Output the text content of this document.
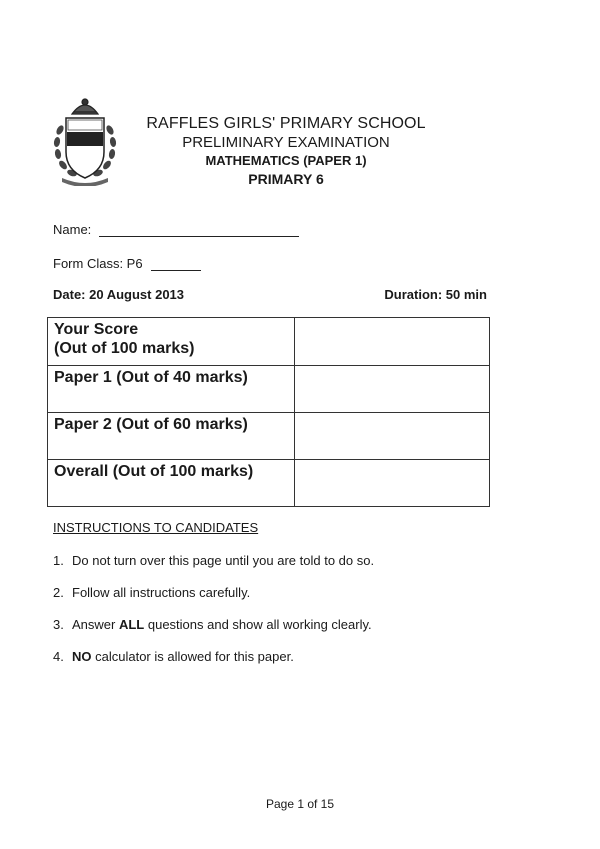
RAFFLES GIRLS' PRIMARY SCHOOL
PRELIMINARY EXAMINATION
MATHEMATICS (PAPER 1)
PRIMARY 6
Name:
Form Class: P6
Date: 20 August 2013	Duration: 50 min
Your Score
(Out of 100 marks)	

Paper 1 (Out of 40 marks)	
Paper 2 (Out of 60 marks)	
Overall (Out of 100 marks)	
INSTRUCTIONS TO CANDIDATES
1. Do not turn over this page until you are told to do so.
2. Follow all instructions carefully.
3. Answer ALL questions and show all working clearly.
4. NO calculator is allowed for this paper.
Page 1 of 15
